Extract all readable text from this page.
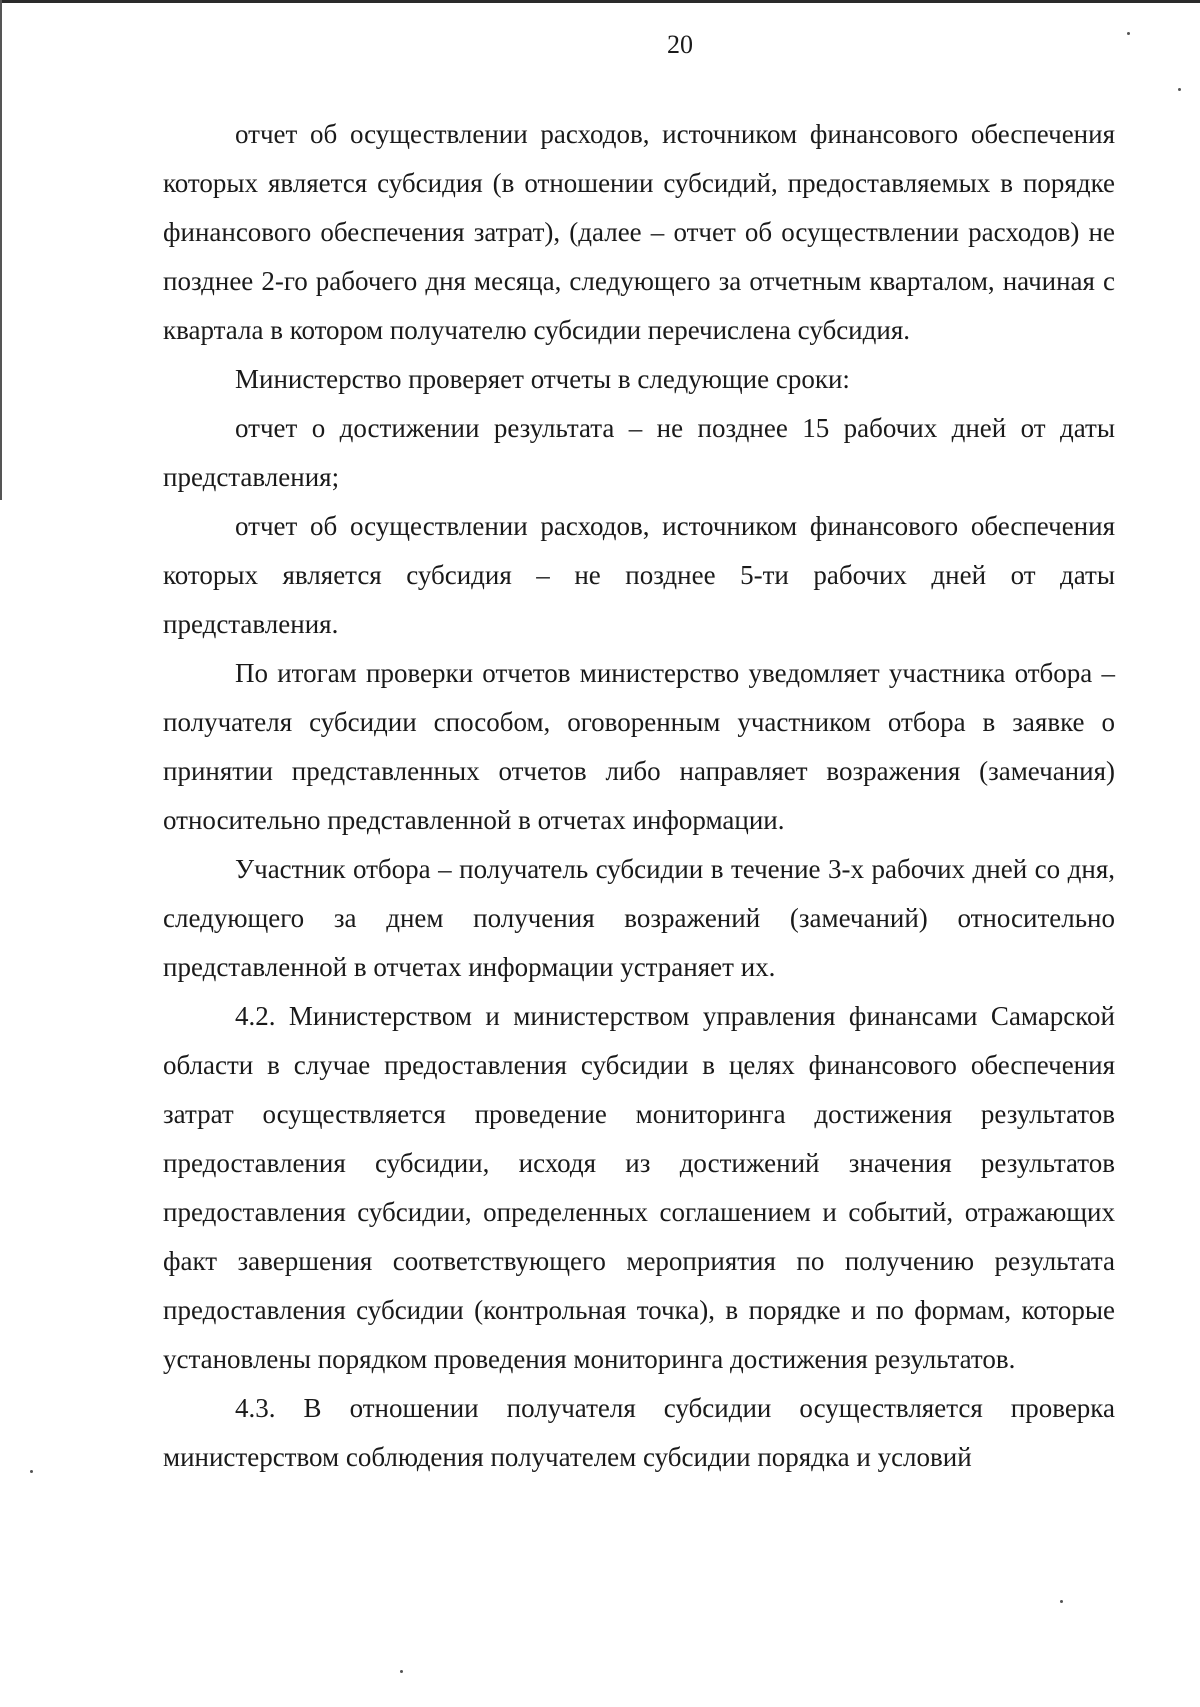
20

отчет об осуществлении расходов, источником финансового обеспечения которых является субсидия (в отношении субсидий, предоставляемых в порядке финансового обеспечения затрат), (далее – отчет об осуществлении расходов) не позднее 2-го рабочего дня месяца, следующего за отчетным кварталом, начиная с квартала в котором получателю субсидии перечислена субсидия.

Министерство проверяет отчеты в следующие сроки:

отчет о достижении результата – не позднее 15 рабочих дней от даты представления;

отчет об осуществлении расходов, источником финансового обеспечения которых является субсидия – не позднее 5-ти рабочих дней от даты представления.

По итогам проверки отчетов министерство уведомляет участника отбора – получателя субсидии способом, оговоренным участником отбора в заявке о принятии представленных отчетов либо направляет возражения (замечания) относительно представленной в отчетах информации.

Участник отбора – получатель субсидии в течение 3-х рабочих дней со дня, следующего за днем получения возражений (замечаний) относительно представленной в отчетах информации устраняет их.

4.2. Министерством и министерством управления финансами Самарской области в случае предоставления субсидии в целях финансового обеспечения затрат осуществляется проведение мониторинга достижения результатов предоставления субсидии, исходя из достижений значения результатов предоставления субсидии, определенных соглашением и событий, отражающих факт завершения соответствующего мероприятия по получению результата предоставления субсидии (контрольная точка), в порядке и по формам, которые установлены порядком проведения мониторинга достижения результатов.

4.3. В отношении получателя субсидии осуществляется проверка министерством соблюдения получателем субсидии порядка и условий
